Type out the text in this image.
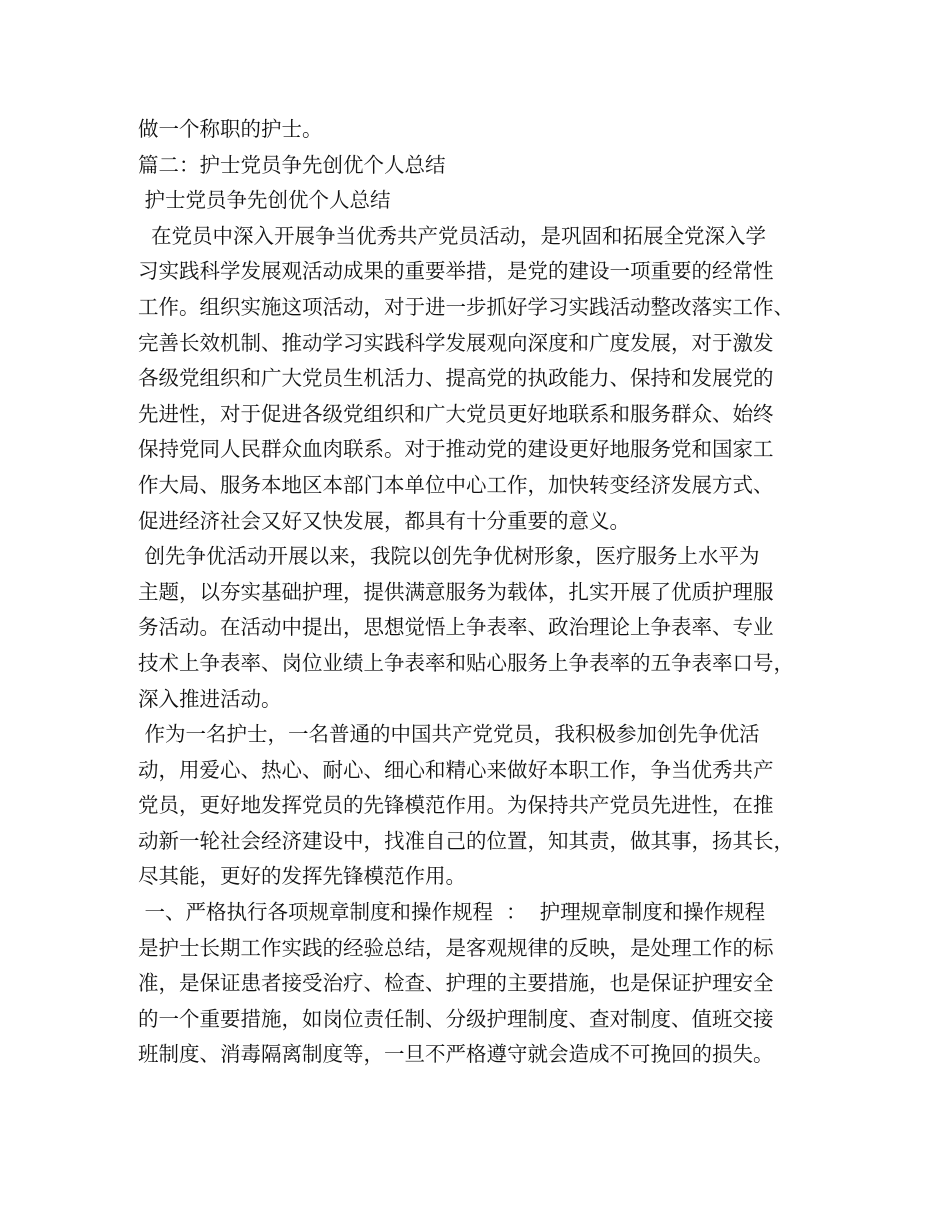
做一个称职的护士。
篇二：护士党员争先创优个人总结
护士党员争先创优个人总结
在党员中深入开展争当优秀共产党员活动，是巩固和拓展全党深入学
习实践科学发展观活动成果的重要举措，是党的建设一项重要的经常性
工作。组织实施这项活动，对于进一步抓好学习实践活动整改落实工作、
完善长效机制、推动学习实践科学发展观向深度和广度发展，对于激发
各级党组织和广大党员生机活力、提高党的执政能力、保持和发展党的
先进性，对于促进各级党组织和广大党员更好地联系和服务群众、始终
保持党同人民群众血肉联系。对于推动党的建设更好地服务党和国家工
作大局、服务本地区本部门本单位中心工作，加快转变经济发展方式、
促进经济社会又好又快发展，都具有十分重要的意义。
创先争优活动开展以来，我院以创先争优树形象，医疗服务上水平为
主题，以夯实基础护理，提供满意服务为载体，扎实开展了优质护理服
务活动。在活动中提出，思想觉悟上争表率、政治理论上争表率、专业
技术上争表率、岗位业绩上争表率和贴心服务上争表率的五争表率口号，
深入推进活动。
作为一名护士，一名普通的中国共产党党员，我积极参加创先争优活
动，用爱心、热心、耐心、细心和精心来做好本职工作，争当优秀共产
党员，更好地发挥党员的先锋模范作用。为保持共产党员先进性，在推
动新一轮社会经济建设中，找准自己的位置，知其责，做其事，扬其长，
尽其能，更好的发挥先锋模范作用。
一、严格执行各项规章制度和操作规程  ：  护理规章制度和操作规程
是护士长期工作实践的经验总结，是客观规律的反映，是处理工作的标
准，是保证患者接受治疗、检查、护理的主要措施，也是保证护理安全
的一个重要措施，如岗位责任制、分级护理制度、查对制度、值班交接
班制度、消毒隔离制度等，一旦不严格遵守就会造成不可挽回的损失。
